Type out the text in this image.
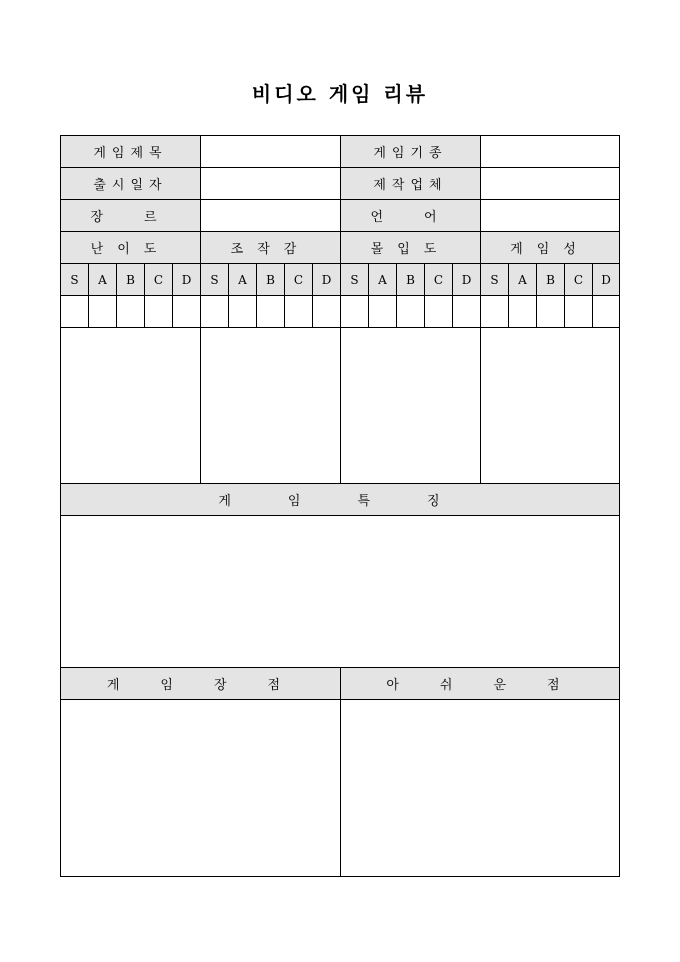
비디오 게임 리뷰
게임제목	게임기종
출시일자	제작업체
장　르	언　어
난이도	조작감	몰입도	게임성
S	A	B	C	D	S	A	B	C	D	S	A	B	C	D	S	A	B	C	D
게　임　특　징
게　임　장　점	아　쉬　운　점
